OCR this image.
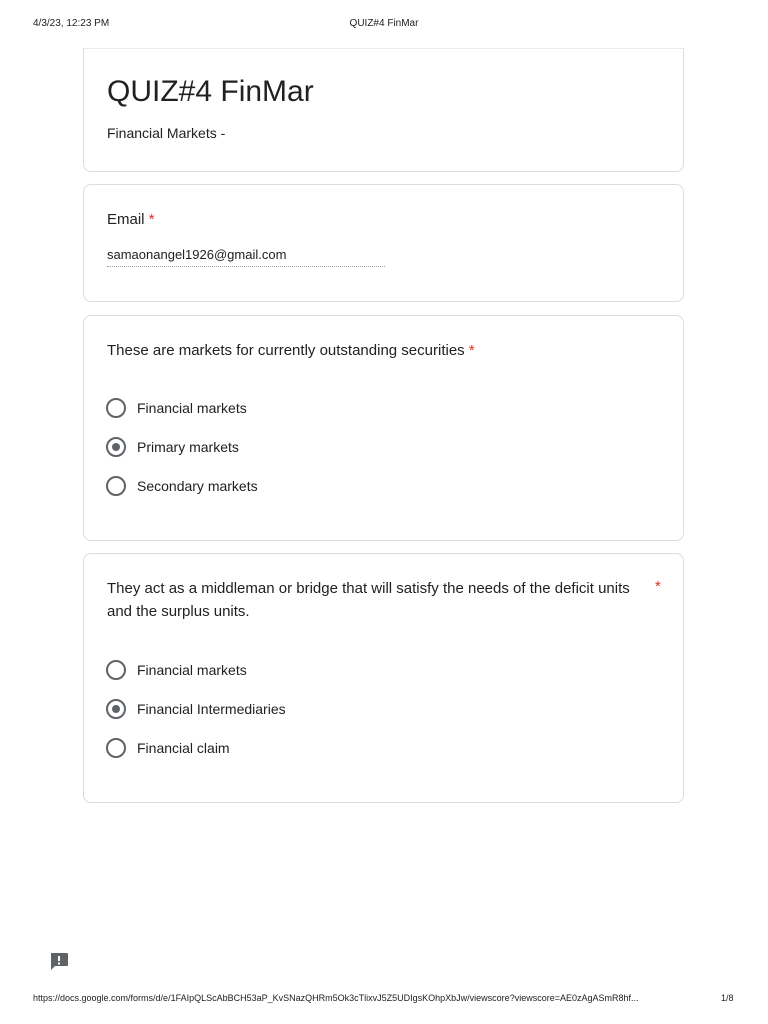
4/3/23, 12:23 PM	QUIZ#4 FinMar
QUIZ#4 FinMar
Financial Markets -
Email *
samaonangel1926@gmail.com
These are markets for currently outstanding securities *
Financial markets
Primary markets
Secondary markets
They act as a middleman or bridge that will satisfy the needs of the deficit units and the surplus units.
*
Financial markets
Financial Intermediaries
Financial claim
https://docs.google.com/forms/d/e/1FAIpQLScAbBCH53aP_KvSNazQHRm5Ok3cTlixvJ5Z5UDIgsKOhpXbJw/viewscore?viewscore=AE0zAgASmR8hf...	1/8
